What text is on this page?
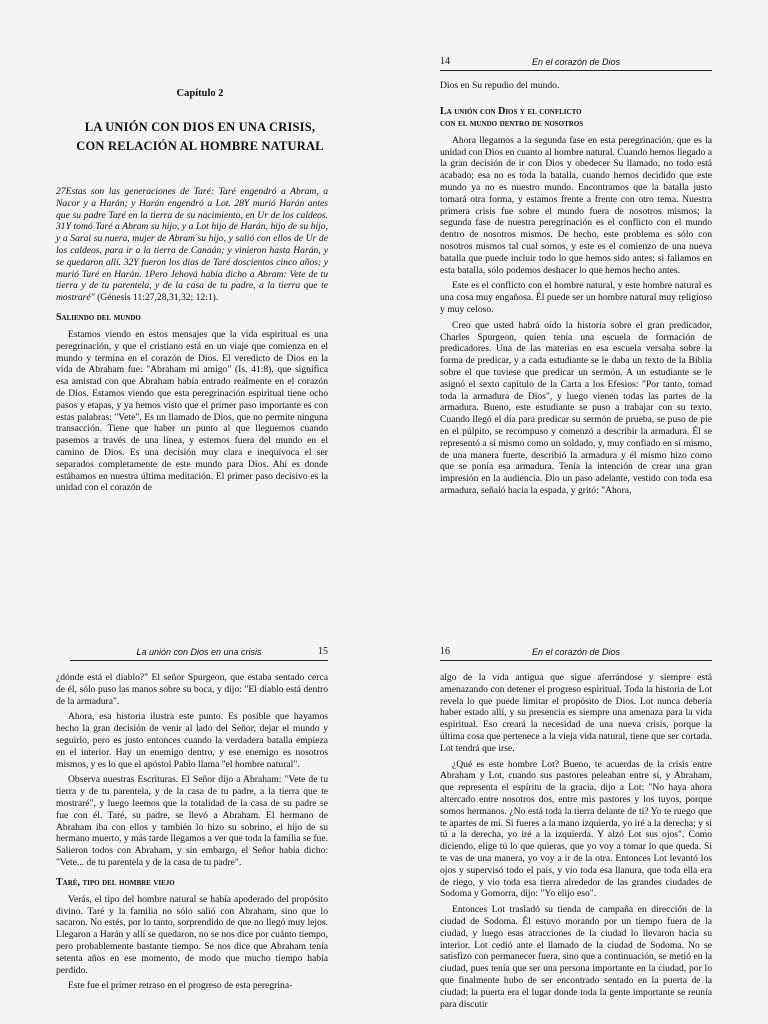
Capítulo 2
LA UNIÓN CON DIOS EN UNA CRISIS,
CON RELACIÓN AL HOMBRE NATURAL

27Estas son las generaciones de Taré: Taré engendró a Abram, a Nacor y a Harán; y Harán engendró a Lot. 28Y murió Harán antes que su padre Taré en la tierra de su nacimiento, en Ur de los caldeos. 31Y tomó Taré a Abram su hijo, y a Lot hijo de Harán, hijo de su hijo, y a Sarai su nuera, mujer de Abram su hijo, y salió con ellos de Ur de los caldeos, para ir a la tierra de Canaán; y vinieron hasta Harán, y se quedaron allí. 32Y fueron los días de Taré doscientos cinco años; y murió Taré en Harán. 1Pero Jehová había dicho a Abram: Vete de tu tierra y de tu parentela, y de la casa de tu padre, a la tierra que te mostraré" (Génesis 11:27,28,31,32; 12:1).

Saliendo del mundo

Estamos viendo en estos mensajes que la vida espiritual es una peregrinación, y que el cristiano está en un viaje que comienza en el mundo y termina en el corazón de Dios. El veredicto de Dios en la vida de Abraham fue: "Abraham mi amigo" (Is. 41:8), que significa esa amistad con que Abraham había entrado realmente en el corazón de Dios. Estamos viendo que esta peregrinación espiritual tiene ocho pasos y etapas, y ya hemos visto que el primer paso importante es con estas palabras: "Vete". Es un llamado de Dios, que no permite ninguna transacción. Tiene que haber un punto al que lleguemos cuando pasemos a través de una línea, y estemos fuera del mundo en el camino de Dios. Es una decisión muy clara e inequívoca el ser separados completamente de este mundo para Dios. Ahí es donde estábamos en nuestra última meditación. El primer paso decisivo es la unidad con el corazón de

14	En el corazón de Dios

Dios en Su repudio del mundo.

La unión con Dios y el conflicto
con el mundo dentro de nosotros

Ahora llegamos a la segunda fase en esta peregrinación, que es la unidad con Dios en cuanto al hombre natural. Cuando hemos llegado a la gran decisión de ir con Dios y obedecer Su llamado, no todo está acabado; esa no es toda la batalla, cuando hemos decidido que este mundo ya no es nuestro mundo. Encontramos que la batalla justo tomará otra forma, y estamos frente a frente con otro tema. Nuestra primera crisis fue sobre el mundo fuera de nosotros mismos; la segunda fase de nuestra peregrinación es el conflicto con el mundo dentro de nosotros mismos. De hecho, este problema es sólo con nosotros mismos tal cual somos, y este es el comienzo de una nueva batalla que puede incluir todo lo que hemos sido antes; si fallamos en esta batalla, sólo podemos deshacer lo que hemos hecho antes.

Este es el conflicto con el hombre natural, y este hombre natural es una cosa muy engañosa. Él puede ser un hombre natural muy religioso y muy celoso.

Creo que usted habrá oído la historia sobre el gran predicador, Charles Spurgeon, quien tenía una escuela de formación de predicadores. Una de las materias en esa escuela versaba sobre la forma de predicar, y a cada estudiante se le daba un texto de la Biblia sobre el que tuviese que predicar un sermón. A un estudiante se le asignó el sexto capítulo de la Carta a los Efesios: "Por tanto, tomad toda la armadura de Dios", y luego vienen todas las partes de la armadura. Bueno, este estudiante se puso a trabajar con su texto. Cuando llegó el día para predicar su sermón de prueba, se puso de pie en el púlpito, se recompuso y comenzó a describir la armadura. Él se representó a sí mismo como un soldado, y, muy confiado en sí mismo, de una manera fuerte, describió la armadura y él mismo hizo como que se ponía esa armadura. Tenía la intención de crear una gran impresión en la audiencia. Dio un paso adelante, vestido con toda esa armadura, señaló hacia la espada, y gritó: "Ahora,

La unión con Dios en una crisis	15

¿dónde está el diablo?" El señor Spurgeon, que estaba sentado cerca de él, sólo puso las manos sobre su boca, y dijo: "El diablo está dentro de la armadura".

Ahora, esa historia ilustra este punto. Es posible que hayamos hecho la gran decisión de venir al lado del Señor, dejar el mundo y seguirlo, pero es justo entonces cuando la verdadera batalla empieza en el interior. Hay un enemigo dentro, y ese enemigo es nosotros mismos, y es lo que el apóstol Pablo llama "el hombre natural".

Observa nuestras Escrituras. El Señor dijo a Abraham: "Vete de tu tierra y de tu parentela, y de la casa de tu padre, a la tierra que te mostraré", y luego leemos que la totalidad de la casa de su padre se fue con él. Taré, su padre, se llevó a Abraham. El hermano de Abraham iba con ellos y también lo hizo su sobrino, el hijo de su hermano muerto, y más tarde llegamos a ver que toda la familia se fue. Salieron todos con Abraham, y sin embargo, el Señor había dicho: "Vete... de tu parentela y de la casa de tu padre".

Taré, tipo del hombre viejo

Verás, el tipo del hombre natural se había apoderado del propósito divino. Taré y la familia no sólo salió con Abraham, sino que lo sacaron. No estés, por lo tanto, sorprendido de que no llegó muy lejos. Llegaron a Harán y allí se quedaron, no se nos dice por cuánto tiempo, pero probablemente bastante tiempo. Se nos dice que Abraham tenía setenta años en ese momento, de modo que mucho tiempo había perdido.

Este fue el primer retraso en el progreso de esta peregrina-

16	En el corazón de Dios

algo de la vida antigua que sigue aferrándose y siempre está amenazando con detener el progreso espiritual. Toda la historia de Lot revela lo que puede limitar el propósito de Dios. Lot nunca debería haber estado allí, y su presencia es siempre una amenaza para la vida espiritual. Eso creará la necesidad de una nueva crisis, porque la última cosa que pertenece a la vieja vida natural, tiene que ser cortada. Lot tendrá que irse.

¿Qué es este hombre Lot? Bueno, te acuerdas de la crisis entre Abraham y Lot, cuando sus pastores peleaban entre sí, y Abraham, que representa el espíritu de la gracia, dijo a Lot: "No haya ahora altercado entre nosotros dos, entre mis pastores y los tuyos, porque somos hermanos. ¿No está toda la tierra delante de ti? Yo te ruego que te apartes de mí. Si fueres a la mano izquierda, yo iré a la derecha; y si tú a la derecha, yo iré a la izquierda. Y alzó Lot sus ojos". Como diciendo, elige tú lo que quieras, que yo voy a tomar lo que queda. Si te vas de una manera, yo voy a ir de la otra. Entonces Lot levantó los ojos y supervisó todo el país, y vio toda esa llanura, que toda ella era de riego, y vio toda esa tierra alrededor de las grandes ciudades de Sodoma y Gomorra, dijo: "Yo elijo eso".

Entonces Lot trasladó su tienda de campaña en dirección de la ciudad de Sodoma. Él estuvo morando por un tiempo fuera de la ciudad, y luego esas atracciones de la ciudad lo llevaron hacia su interior. Lot cedió ante el llamado de la ciudad de Sodoma. No se satisfizo con permanecer fuera, sino que a continuación, se metió en la ciudad, pues tenía que ser una persona importante en la ciudad, por lo que finalmente hubo de ser encontrado sentado en la puerta de la ciudad; la puerta era el lugar donde toda la gente importante se reunía para discutir
